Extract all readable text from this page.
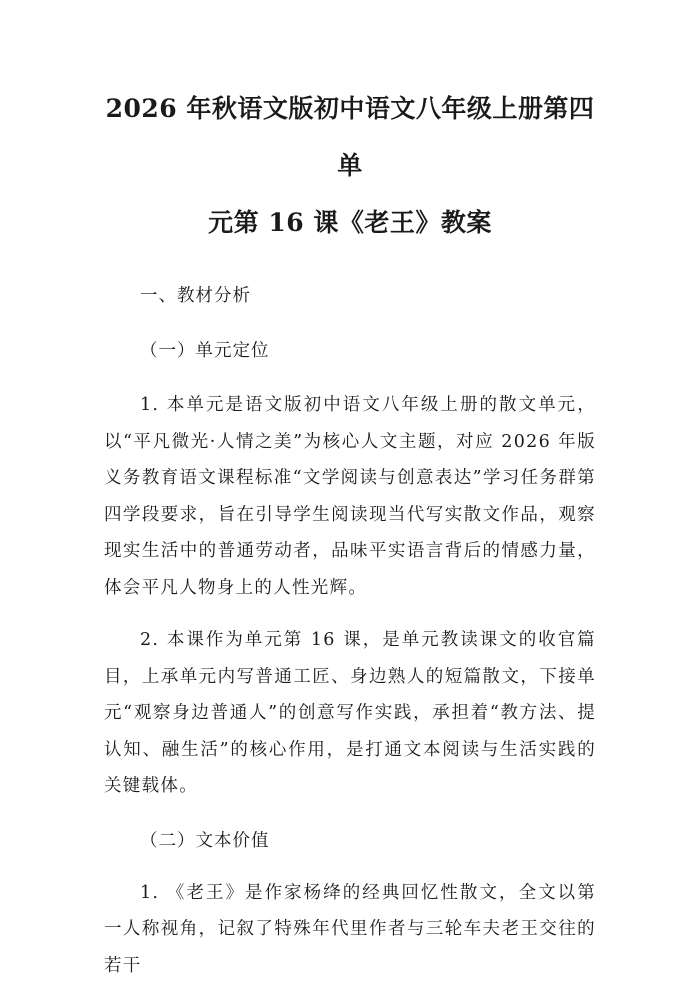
2026 年秋语文版初中语文八年级上册第四单
元第 16 课《老王》教案

一、教材分析

（一）单元定位

1. 本单元是语文版初中语文八年级上册的散文单元，以“平凡微光·人情之美”为核心人文主题，对应 2026 年版义务教育语文课程标准“文学阅读与创意表达”学习任务群第四学段要求，旨在引导学生阅读现当代写实散文作品，观察现实生活中的普通劳动者，品味平实语言背后的情感力量，体会平凡人物身上的人性光辉。

2. 本课作为单元第 16 课，是单元教读课文的收官篇目，上承单元内写普通工匠、身边熟人的短篇散文，下接单元“观察身边普通人”的创意写作实践，承担着“教方法、提认知、融生活”的核心作用，是打通文本阅读与生活实践的关键载体。

（二）文本价值

1. 《老王》是作家杨绛的经典回忆性散文，全文以第一人称视角，记叙了特殊年代里作者与三轮车夫老王交往的若干
